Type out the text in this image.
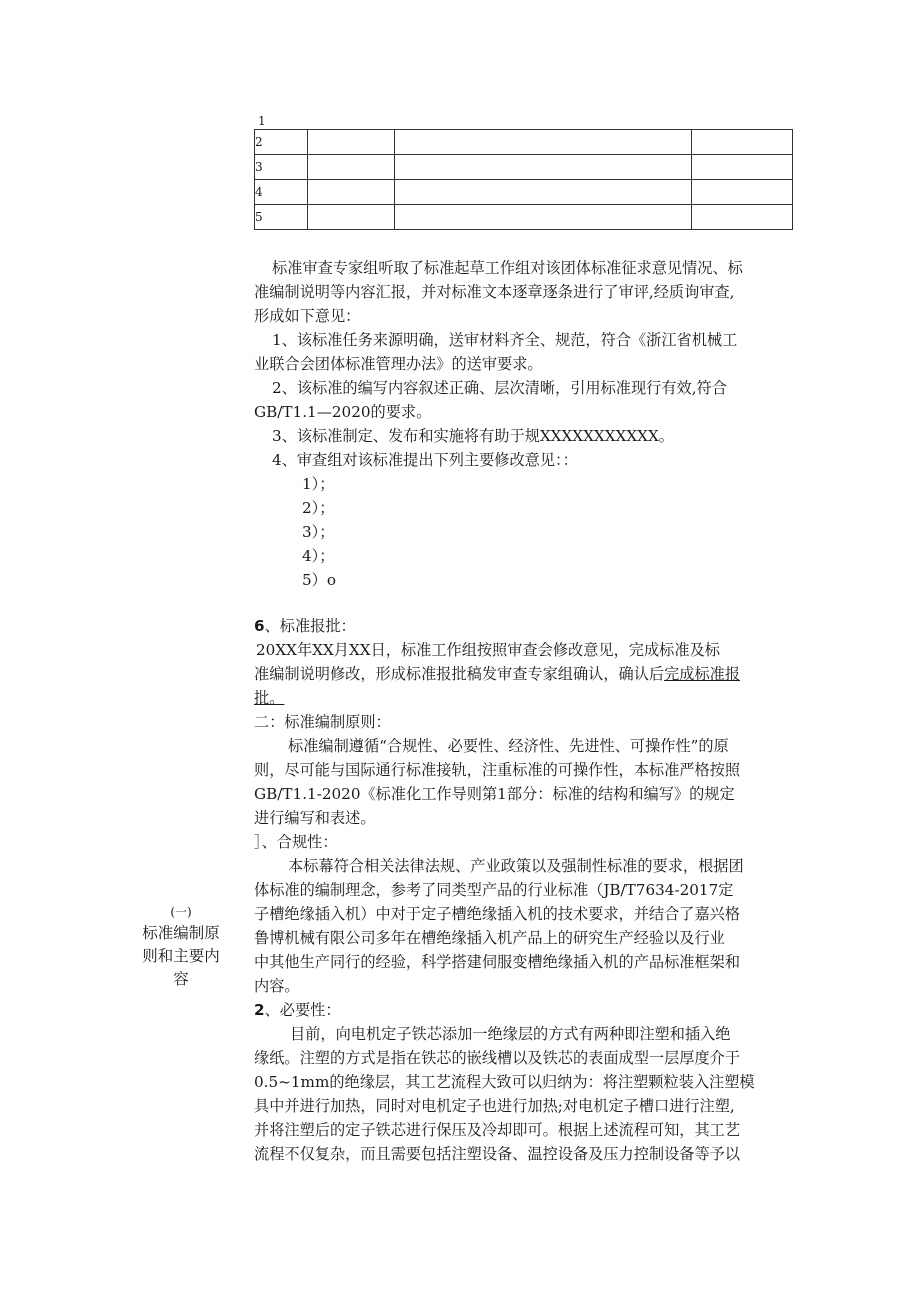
1
2			
3			
4			
5			
标准审查专家组听取了标准起草工作组对该团体标准征求意见情况、标
准编制说明等内容汇报，并对标准文本逐章逐条进行了审评,经质询审查,
形成如下意见：
1、该标准任务来源明确，送审材料齐全、规范，符合《浙江省机械工
业联合会团体标准管理办法》的送审要求。
2、该标准的编写内容叙述正确、层次清晰，引用标准现行有效,符合
GB/T1.1—2020的要求。
3、该标准制定、发布和实施将有助于规XXXXXXXXXXX。
4、审查组对该标准提出下列主要修改意见：：
1）；
2）；
3）；
4）；
5）o
6、标准报批：
20XX年XX月XX日，标准工作组按照审查会修改意见，完成标准及标
准编制说明修改，形成标准报批稿发审查专家组确认，确认后完成标准报
批。
二：标准编制原则：
标准编制遵循“合规性、必要性、经济性、先进性、可操作性”的原
则，尽可能与国际通行标准接轨，注重标准的可操作性，本标准严格按照
GB/T1.1-2020《标准化工作导则第1部分：标准的结构和编写》的规定
进行编写和表述。
］、合规性：
本标幕符合相关法律法规、产业政策以及强制性标准的要求，根据团
体标准的编制理念，参考了同类型产品的行业标准（JB/T7634-2017定
子槽绝缘插入机）中对于定子槽绝缘插入机的技术要求，并结合了嘉兴格
鲁博机械有限公司多年在槽绝缘插入机产品上的研究生产经验以及行业
中其他生产同行的经验，科学搭建伺服变槽绝缘插入机的产品标准框架和
内容。
2、必要性：
目前，向电机定子铁芯添加一绝缘层的方式有两种即注塑和插入绝
缘纸。注塑的方式是指在铁芯的嵌线槽以及铁芯的表面成型一层厚度介于
0.5~1mm的绝缘层，其工艺流程大致可以归纳为：将注塑颗粒装入注塑模
具中并进行加热，同时对电机定子也进行加热;对电机定子槽口进行注塑,
并将注塑后的定子铁芯进行保压及冷却即可。根据上述流程可知，其工艺
流程不仅复杂，而且需要包括注塑设备、温控设备及压力控制设备等予以
(一)
标准编制原
则和主要内
容
